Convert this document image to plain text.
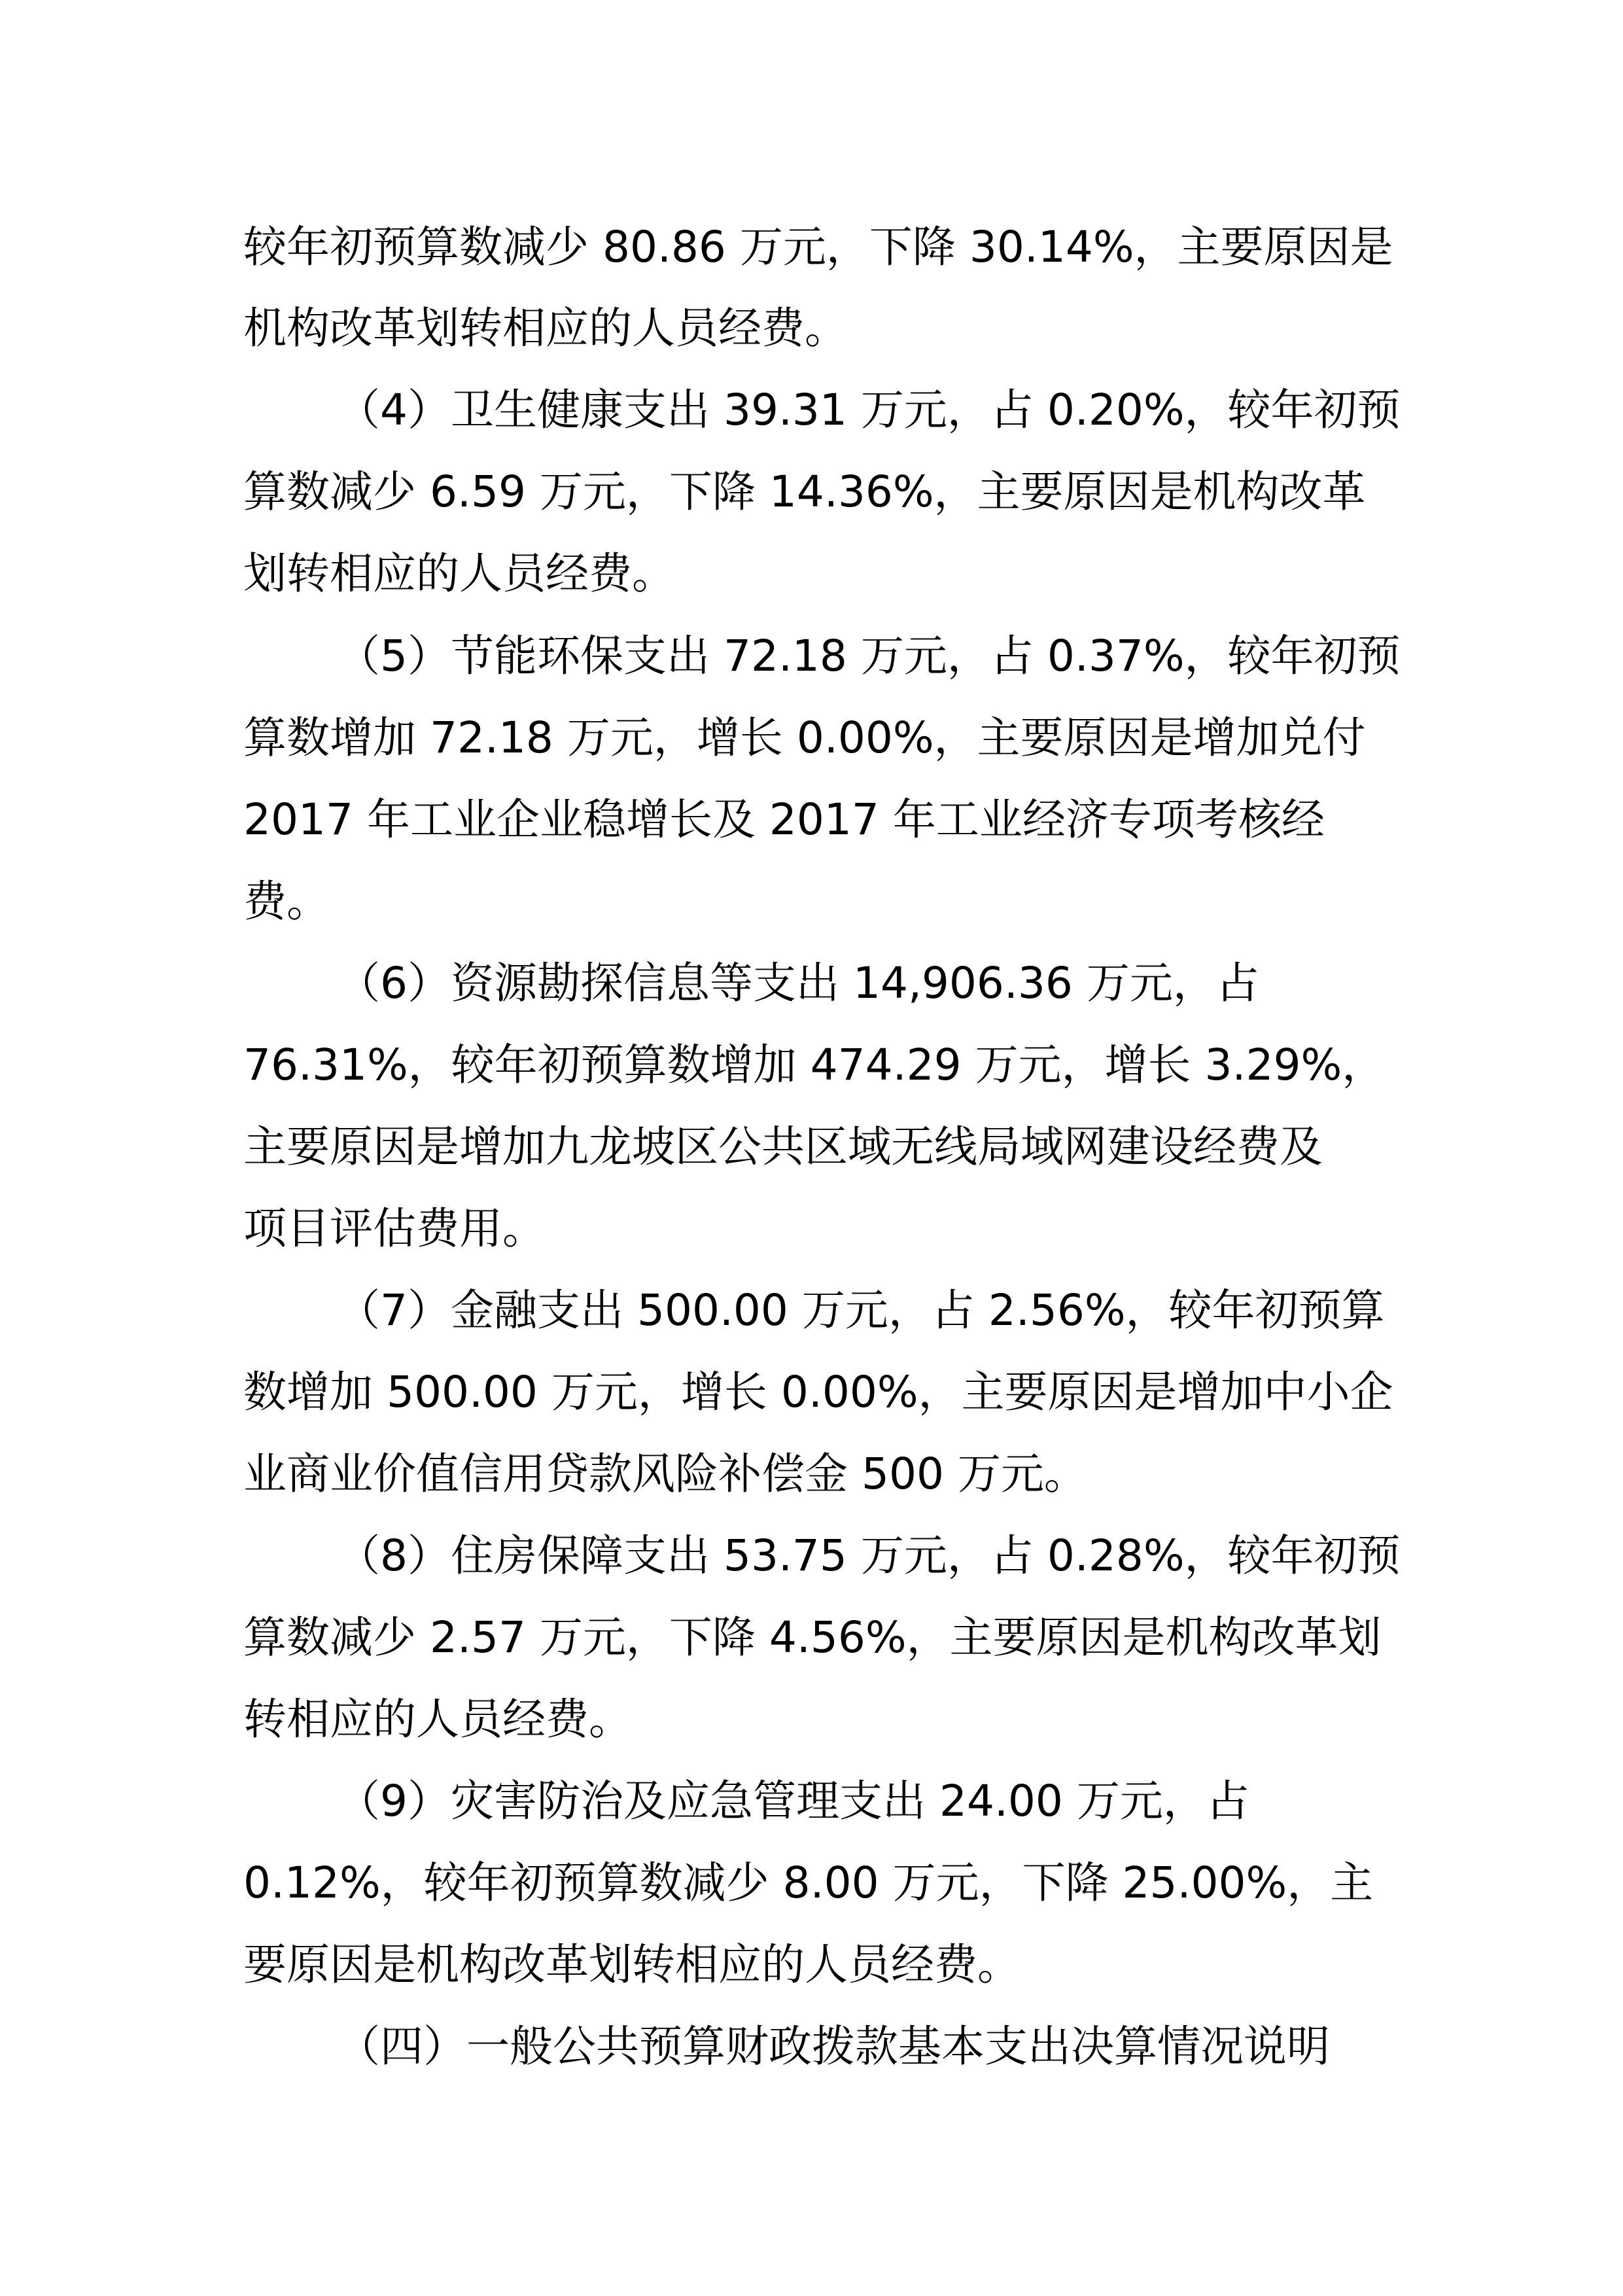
较年初预算数减少 80.86 万元，下降 30.14%，主要原因是
机构改革划转相应的人员经费。
（4）卫生健康支出 39.31 万元，占 0.20%，较年初预
算数减少 6.59 万元，下降 14.36%，主要原因是机构改革
划转相应的人员经费。
（5）节能环保支出 72.18 万元，占 0.37%，较年初预
算数增加 72.18 万元，增长 0.00%，主要原因是增加兑付
2017 年工业企业稳增长及 2017 年工业经济专项考核经
费。
（6）资源勘探信息等支出 14,906.36 万元，占
76.31%，较年初预算数增加 474.29 万元，增长 3.29%，
主要原因是增加九龙坡区公共区域无线局域网建设经费及
项目评估费用。
（7）金融支出 500.00 万元，占 2.56%，较年初预算
数增加 500.00 万元，增长 0.00%，主要原因是增加中小企
业商业价值信用贷款风险补偿金 500 万元。
（8）住房保障支出 53.75 万元，占 0.28%，较年初预
算数减少 2.57 万元，下降 4.56%，主要原因是机构改革划
转相应的人员经费。
（9）灾害防治及应急管理支出 24.00 万元，占
0.12%，较年初预算数减少 8.00 万元，下降 25.00%，主
要原因是机构改革划转相应的人员经费。
（四）一般公共预算财政拨款基本支出决算情况说明
